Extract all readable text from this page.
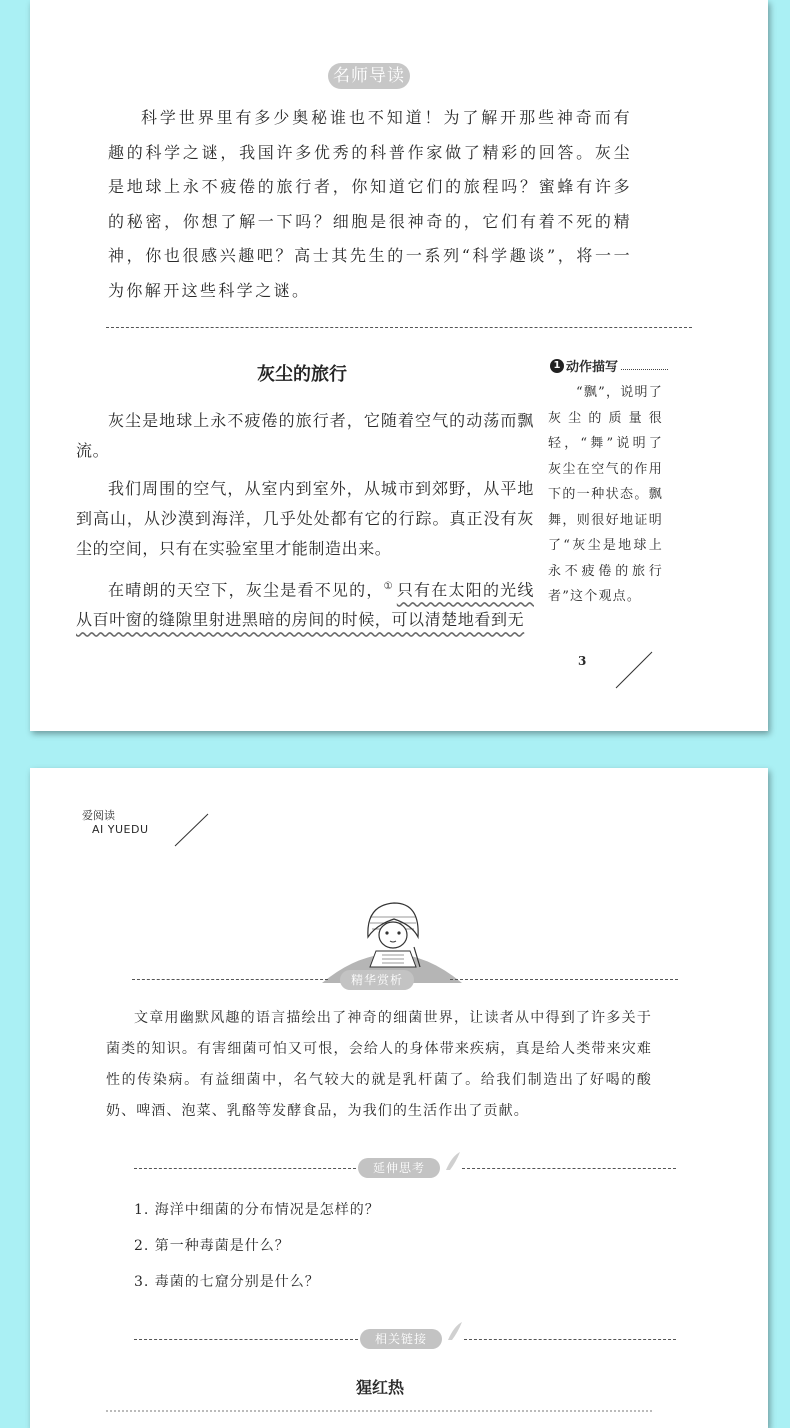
名师导读

科学世界里有多少奥秘谁也不知道！为了解开那些神奇而有趣的科学之谜，我国许多优秀的科普作家做了精彩的回答。灰尘是地球上永不疲倦的旅行者，你知道它们的旅程吗？蜜蜂有许多的秘密，你想了解一下吗？细胞是很神奇的，它们有着不死的精神，你也很感兴趣吧？高士其先生的一系列“科学趣谈”，将一一为你解开这些科学之谜。

灰尘的旅行

灰尘是地球上永不疲倦的旅行者，它随着空气的动荡而飘流。

我们周围的空气，从室内到室外，从城市到郊野，从平地到高山，从沙漠到海洋，几乎处处都有它的行踪。真正没有灰尘的空间，只有在实验室里才能制造出来。

在晴朗的天空下，灰尘是看不见的，① 只有在太阳的光线从百叶窗的缝隙里射进黑暗的房间的时候，可以清楚地看到无

1 动作描写

“飘”，说明了灰尘的质量很轻，“舞”说明了灰尘在空气的作用下的一种状态。飘舞，则很好地证明了“灰尘是地球上永不疲倦的旅行者”这个观点。

3
爱阅读
AI YUEDU
精华赏析

文章用幽默风趣的语言描绘出了神奇的细菌世界，让读者从中得到了许多关于菌类的知识。有害细菌可怕又可恨，会给人的身体带来疾病，真是给人类带来灾难性的传染病。有益细菌中，名气较大的就是乳杆菌了。给我们制造出了好喝的酸奶、啤酒、泡菜、乳酪等发酵食品，为我们的生活作出了贡献。

延伸思考
1. 海洋中细菌的分布情况是怎样的？
2. 第一种毒菌是什么？
3. 毒菌的七窟分别是什么？
相关链接
猩红热
